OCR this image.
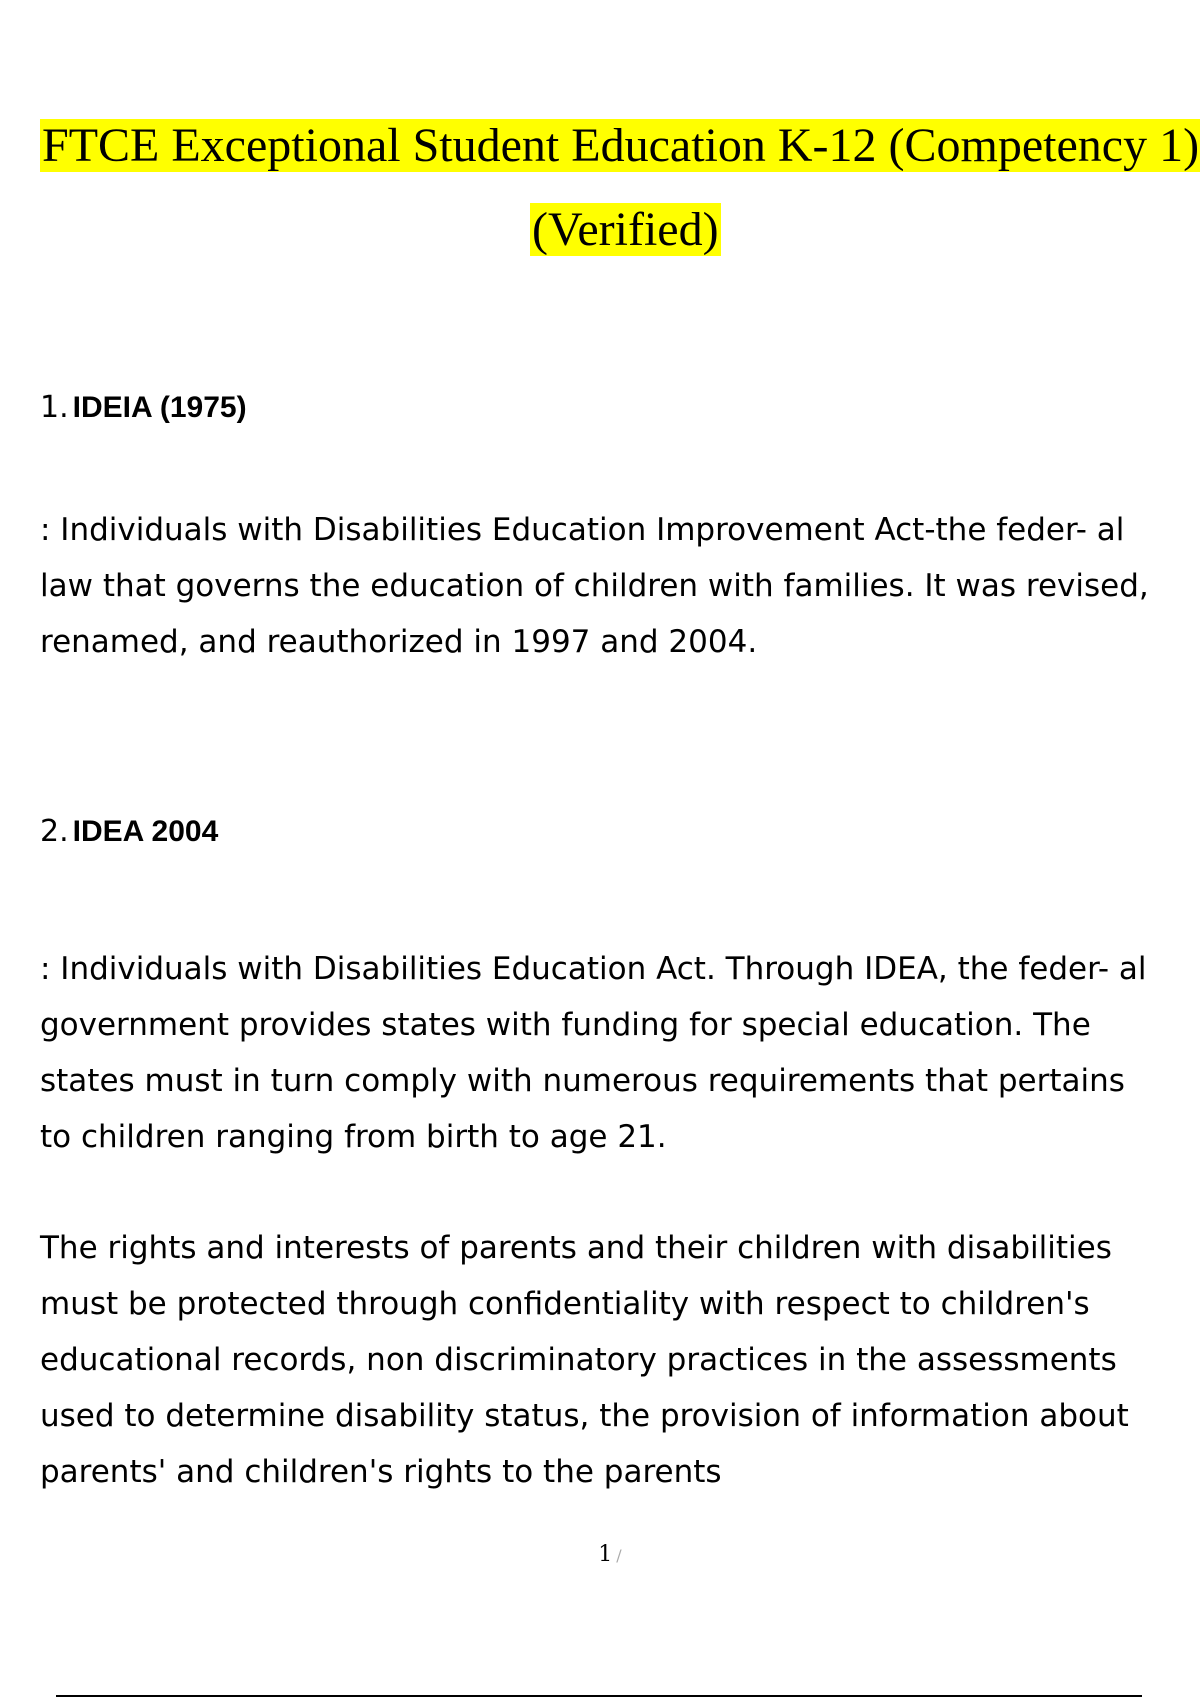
FTCE Exceptional Student Education K-12 (Competency 1)
(Verified)
1. IDEIA (1975)
: Individuals with Disabilities Education Improvement Act-the feder- al
law that governs the education of children with families. It was revised,
renamed, and reauthorized in 1997 and 2004.
2. IDEA 2004
: Individuals with Disabilities Education Act. Through IDEA, the feder- al
government provides states with funding for special education. The
states must in turn comply with numerous requirements that pertains
to children ranging from birth to age 21.
The rights and interests of parents and their children with disabilities
must be protected through confidentiality with respect to children's
educational records, non discriminatory practices in the assessments
used to determine disability status, the provision of information about
parents' and children's rights to the parents
1 /
